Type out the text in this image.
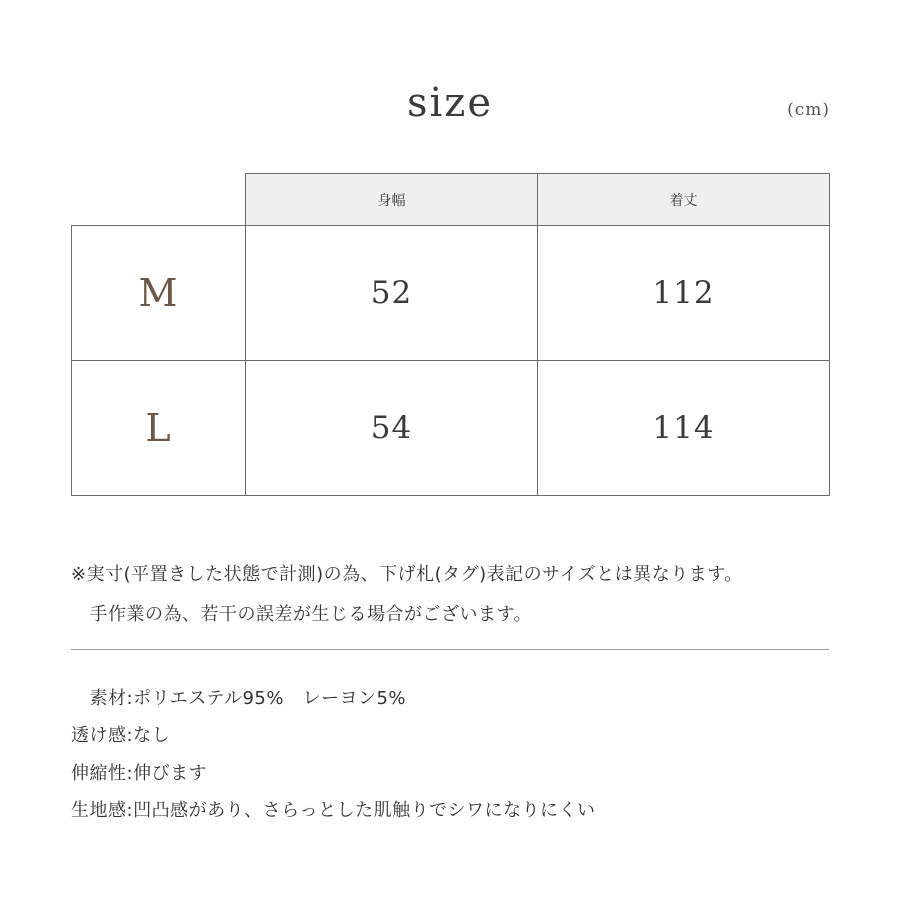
size	(cm)
	身幅	着丈
M	52	112
L	54	114
※実寸(平置きした状態で計測)の為、下げ札(タグ)表記のサイズとは異なります。
　手作業の為、若干の誤差が生じる場合がございます。
　素材:ポリエステル95%　レーヨン5%
透け感:なし
伸縮性:伸びます
生地感:凹凸感があり、さらっとした肌触りでシワになりにくい
